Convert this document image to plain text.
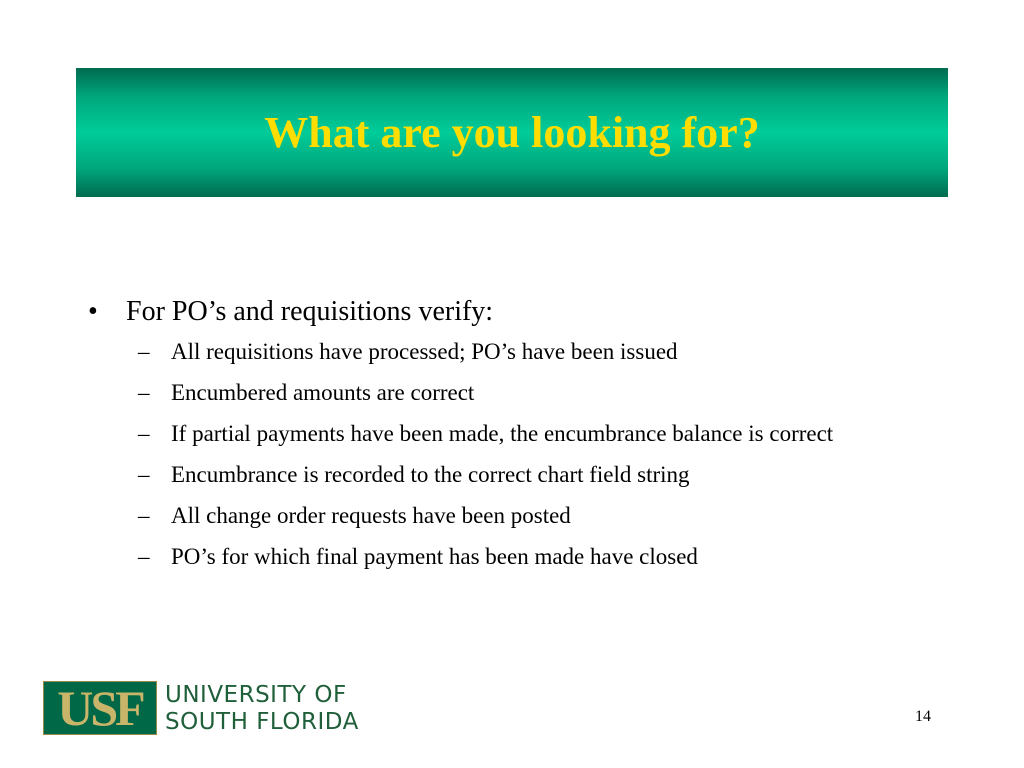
What are you looking for?
•	For PO’s and requisitions verify:
– All requisitions have processed; PO’s have been issued
– Encumbered amounts are correct
– If partial payments have been made, the encumbrance balance is correct
– Encumbrance is recorded to the correct chart field string
– All change order requests have been posted
– PO’s for which final payment has been made have closed
USF UNIVERSITY OF
SOUTH FLORIDA	14
